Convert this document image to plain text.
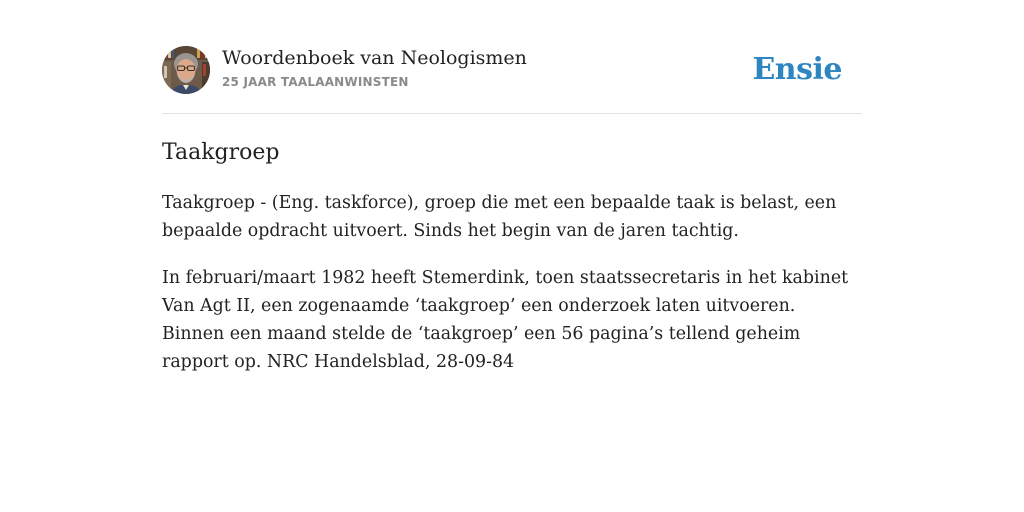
Woordenboek van Neologismen
25 JAAR TAALAANWINSTEN	Ensie
Taakgroep

Taakgroep - (Eng. taskforce), groep die met een bepaalde taak is belast, een bepaalde opdracht uitvoert. Sinds het begin van de jaren tachtig.

In februari/maart 1982 heeft Stemerdink, toen staatssecretaris in het kabinet Van Agt II, een zogenaamde ‘taakgroep’ een onderzoek laten uitvoeren. Binnen een maand stelde de ‘taakgroep’ een 56 pagina’s tellend geheim rapport op. NRC Handelsblad, 28-09-84
